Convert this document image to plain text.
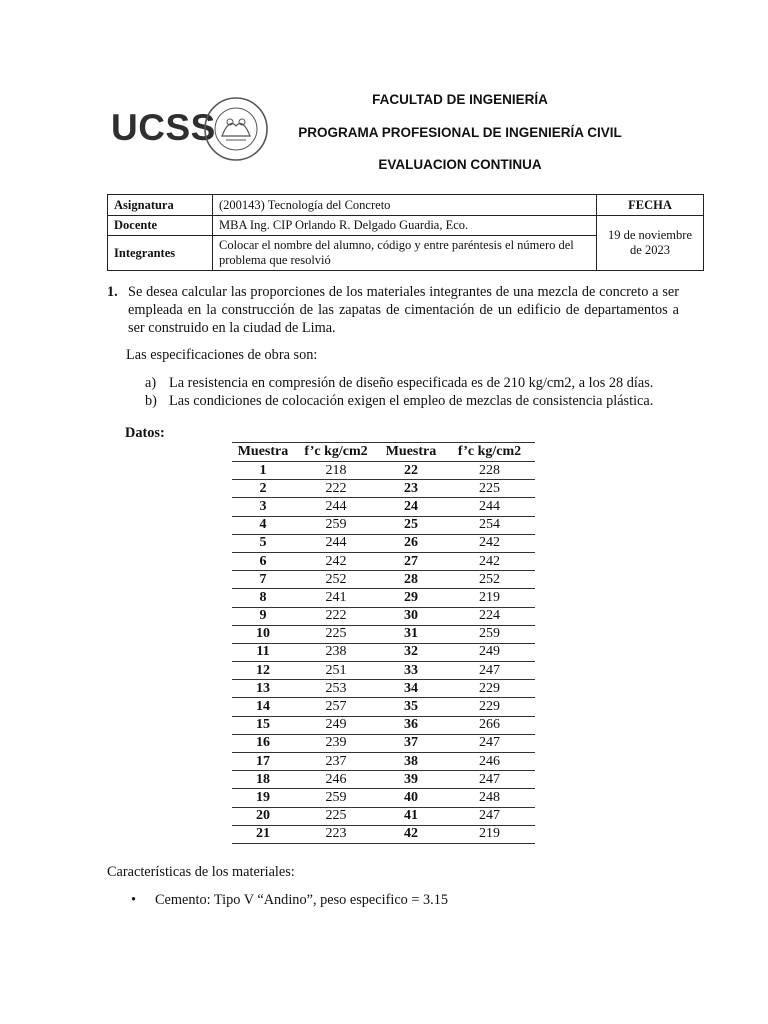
UCSS
FACULTAD DE INGENIERÍA
PROGRAMA PROFESIONAL DE INGENIERÍA CIVIL
EVALUACION CONTINUA
Asignatura	(200143) Tecnología del Concreto	FECHA
Docente	MBA Ing. CIP Orlando R. Delgado Guardia, Eco.	19 de noviembre
de 2023
Integrantes	Colocar el nombre del alumno, código y entre paréntesis el número del problema que resolvió	
1. Se desea calcular las proporciones de los materiales integrantes de una mezcla de concreto a ser empleada en la construcción de las zapatas de cimentación de un edificio de departamentos a ser construido en la ciudad de Lima.
Las especificaciones de obra son:
a) La resistencia en compresión de diseño especificada es de 210 kg/cm2, a los 28 días.
b) Las condiciones de colocación exigen el empleo de mezclas de consistencia plástica.
Datos:
Muestra	f’c kg/cm2	Muestra	f’c kg/cm2
1	218	22	228
2	222	23	225
3	244	24	244
4	259	25	254
5	244	26	242
6	242	27	242
7	252	28	252
8	241	29	219
9	222	30	224
10	225	31	259
11	238	32	249
12	251	33	247
13	253	34	229
14	257	35	229
15	249	36	266
16	239	37	247
17	237	38	246
18	246	39	247
19	259	40	248
20	225	41	247
21	223	42	219
Características de los materiales:
• Cemento: Tipo V “Andino”, peso especifico = 3.15
